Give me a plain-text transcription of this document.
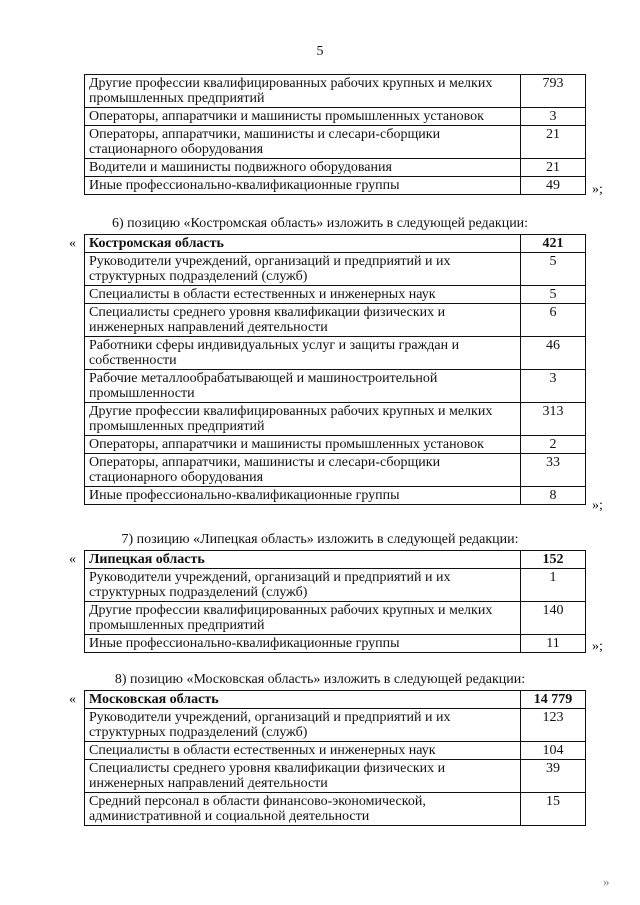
5
Другие профессии квалифицированных рабочих крупных и мелких промышленных предприятий	793
Операторы, аппаратчики и машинисты промышленных установок	3
Операторы, аппаратчики, машинисты и слесари-сборщики стационарного оборудования	21
Водители и машинисты подвижного оборудования	21
Иные профессионально-квалификационные группы	49 »;
6) позицию «Костромская область» изложить в следующей редакции:
« Костромская область	421
Руководители учреждений, организаций и предприятий и их структурных подразделений (служб)	5
Специалисты в области естественных и инженерных наук	5
Специалисты среднего уровня квалификации физических и инженерных направлений деятельности	6
Работники сферы индивидуальных услуг и защиты граждан и собственности	46
Рабочие металлообрабатывающей и машиностроительной промышленности	3
Другие профессии квалифицированных рабочих крупных и мелких промышленных предприятий	313
Операторы, аппаратчики и машинисты промышленных установок	2
Операторы, аппаратчики, машинисты и слесари-сборщики стационарного оборудования	33
Иные профессионально-квалификационные группы	8
»;
7) позицию «Липецкая область» изложить в следующей редакции:
« Липецкая область	152
Руководители учреждений, организаций и предприятий и их структурных подразделений (служб)	1
Другие профессии квалифицированных рабочих крупных и мелких промышленных предприятий	140
Иные профессионально-квалификационные группы	11 »;
8) позицию «Московская область» изложить в следующей редакции:
« Московская область	14 779
Руководители учреждений, организаций и предприятий и их структурных подразделений (служб)	123
Специалисты в области естественных и инженерных наук	104
Специалисты среднего уровня квалификации физических и инженерных направлений деятельности	39
Средний персонал в области финансово-экономической, административной и социальной деятельности	15
»
